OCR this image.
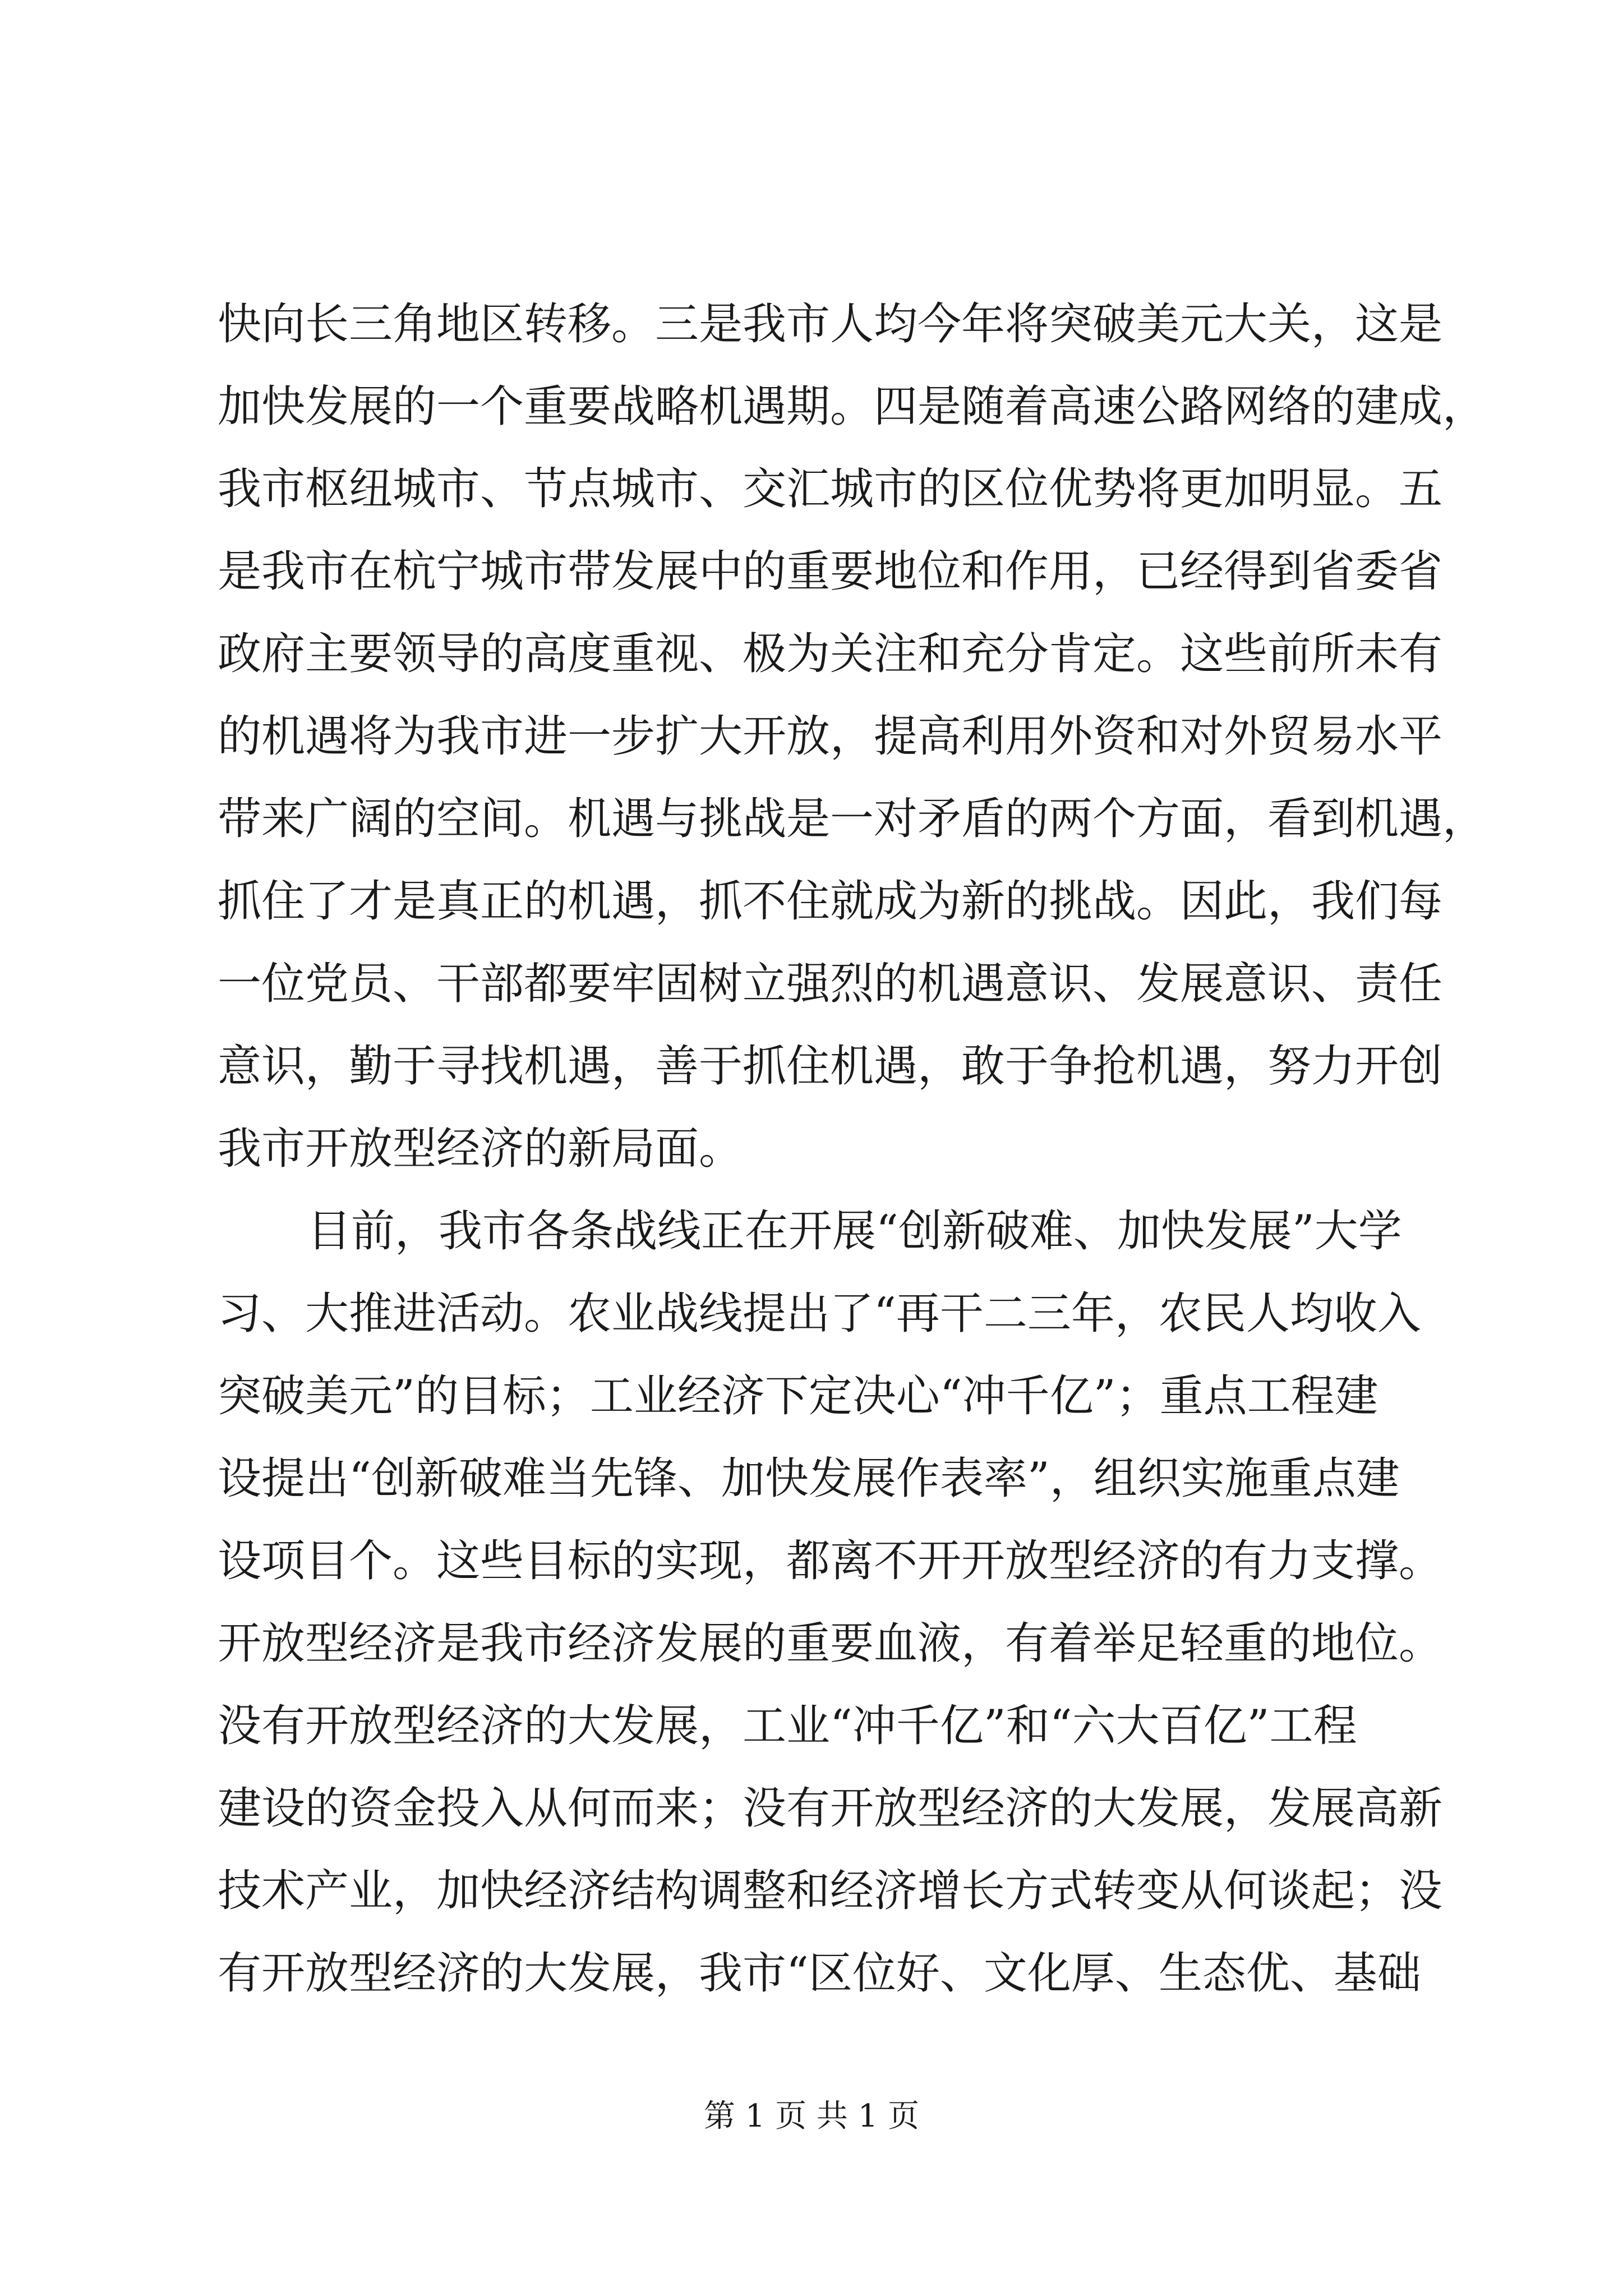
快向长三角地区转移。三是我市人均今年将突破美元大关，这是
加快发展的一个重要战略机遇期。四是随着高速公路网络的建成，
我市枢纽城市、节点城市、交汇城市的区位优势将更加明显。五
是我市在杭宁城市带发展中的重要地位和作用，已经得到省委省
政府主要领导的高度重视、极为关注和充分肯定。这些前所未有
的机遇将为我市进一步扩大开放，提高利用外资和对外贸易水平
带来广阔的空间。机遇与挑战是一对矛盾的两个方面，看到机遇，
抓住了才是真正的机遇，抓不住就成为新的挑战。因此，我们每
一位党员、干部都要牢固树立强烈的机遇意识、发展意识、责任
意识，勤于寻找机遇，善于抓住机遇，敢于争抢机遇，努力开创
我市开放型经济的新局面。
目前，我市各条战线正在开展“创新破难、加快发展”大学
习、大推进活动。农业战线提出了“再干二三年，农民人均收入
突破美元”的目标；工业经济下定决心“冲千亿”；重点工程建
设提出“创新破难当先锋、加快发展作表率”，组织实施重点建
设项目个。这些目标的实现，都离不开开放型经济的有力支撑。
开放型经济是我市经济发展的重要血液，有着举足轻重的地位。
没有开放型经济的大发展，工业“冲千亿”和“六大百亿”工程
建设的资金投入从何而来；没有开放型经济的大发展，发展高新
技术产业，加快经济结构调整和经济增长方式转变从何谈起；没
有开放型经济的大发展，我市“区位好、文化厚、生态优、基础
第 1 页 共 1 页
